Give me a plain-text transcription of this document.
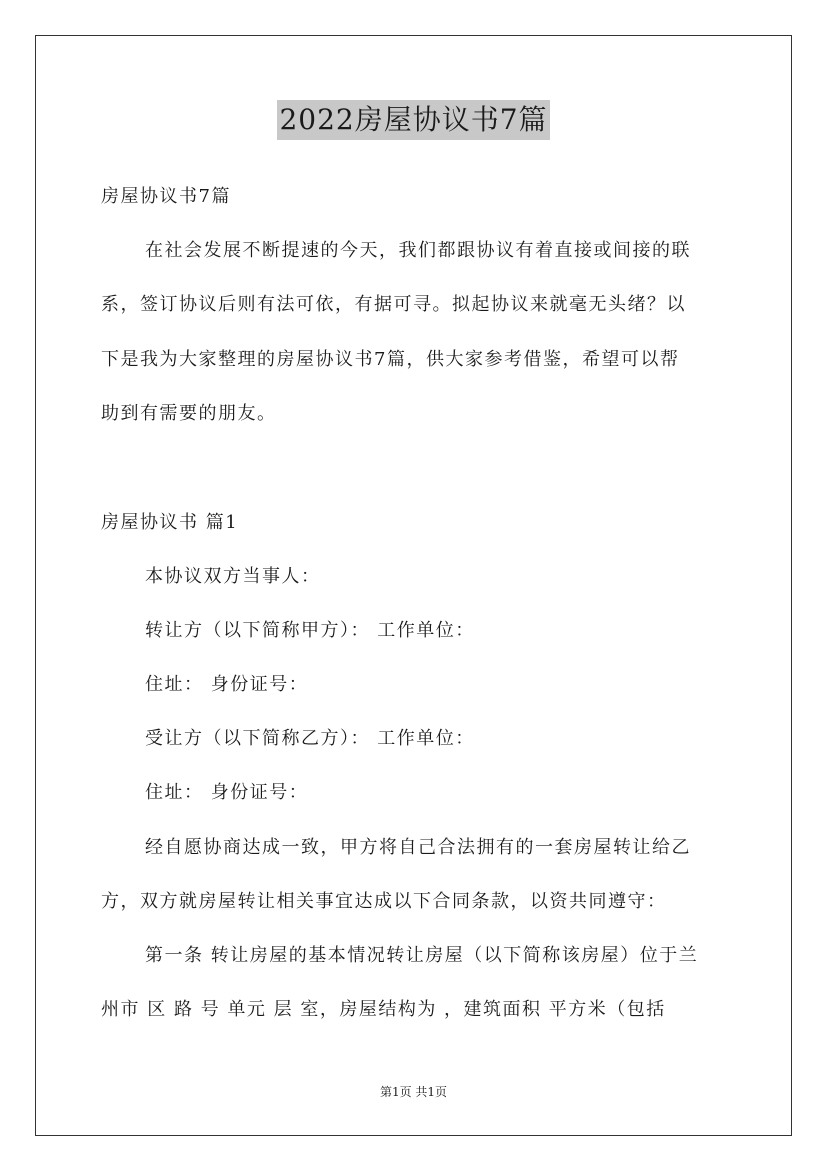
2022房屋协议书7篇
房屋协议书7篇
在社会发展不断提速的今天，我们都跟协议有着直接或间接的联
系，签订协议后则有法可依，有据可寻。拟起协议来就毫无头绪？以
下是我为大家整理的房屋协议书7篇，供大家参考借鉴，希望可以帮
助到有需要的朋友。
房屋协议书 篇1
本协议双方当事人：
转让方（以下简称甲方）： 工作单位：
住址： 身份证号：
受让方（以下简称乙方）： 工作单位：
住址： 身份证号：
经自愿协商达成一致，甲方将自己合法拥有的一套房屋转让给乙
方，双方就房屋转让相关事宜达成以下合同条款，以资共同遵守：
第一条 转让房屋的基本情况转让房屋（以下简称该房屋）位于兰
州市 区 路 号 单元 层 室，房屋结构为 ，建筑面积 平方米（包括
第1页 共1页
